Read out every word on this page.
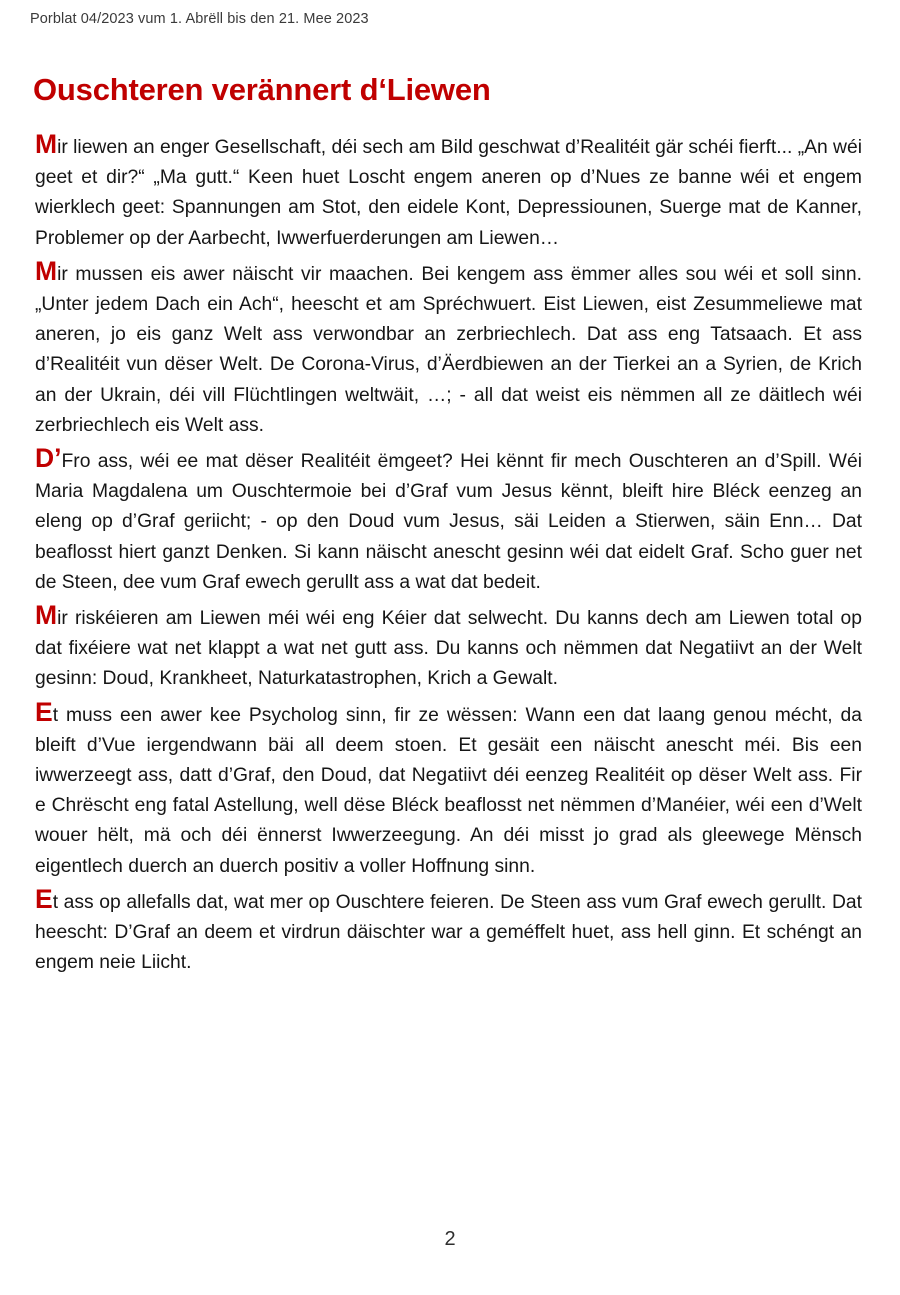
Porblat 04/2023 vum 1. Abrëll bis den 21. Mee 2023
Ouschteren verännert d‘Liewen

Mir liewen an enger Gesellschaft, déi sech am Bild geschwat d’Realitéit gär schéi fierft... „An wéi geet et dir?“ „Ma gutt.“ Keen huet Loscht engem aneren op d’Nues ze banne wéi et engem wierklech geet: Spannungen am Stot, den eidele Kont, Depressiounen, Suerge mat de Kanner, Problemer op der Aarbecht, Iwwerfuerderungen am Liewen…

Mir mussen eis awer näischt vir maachen. Bei kengem ass ëmmer alles sou wéi et soll sinn. „Unter jedem Dach ein Ach“, heescht et am Spréchwuert. Eist Liewen, eist Zesummeliewe mat aneren, jo eis ganz Welt ass verwondbar an zerbriechlech. Dat ass eng Tatsaach. Et ass d’Realitéit vun dëser Welt. De Corona-Virus, d’Äerdbiewen an der Tierkei an a Syrien, de Krich an der Ukrain, déi vill Flüchtlingen weltwäit, …; - all dat weist eis nëmmen all ze däitlech wéi zerbriechlech eis Welt ass.

D’Fro ass, wéi ee mat dëser Realitéit ëmgeet? Hei kënnt fir mech Ouschteren an d’Spill. Wéi Maria Magdalena um Ouschtermoie bei d’Graf vum Jesus kënnt, bleift hire Bléck eenzeg an eleng op d’Graf geriicht; - op den Doud vum Jesus, säi Leiden a Stierwen, säin Enn… Dat beaflosst hiert ganzt Denken. Si kann näischt anescht gesinn wéi dat eidelt Graf. Scho guer net de Steen, dee vum Graf ewech gerullt ass a wat dat bedeit.

Mir riskéieren am Liewen méi wéi eng Kéier dat selwecht. Du kanns dech am Liewen total op dat fixéiere wat net klappt a wat net gutt ass. Du kanns och nëmmen dat Negatiivt an der Welt gesinn: Doud, Krankheet, Naturkatastrophen, Krich a Gewalt.

Et muss een awer kee Psycholog sinn, fir ze wëssen: Wann een dat laang genou mécht, da bleift d’Vue iergendwann bäi all deem stoen. Et gesäit een näischt anescht méi. Bis een iwwerzeegt ass, datt d’Graf, den Doud, dat Negatiivt déi eenzeg Realitéit op dëser Welt ass. Fir e Chrëscht eng fatal Astellung, well dëse Bléck beaflosst net nëmmen d’Manéier, wéi een d’Welt wouer hëlt, mä och déi ënnerst Iwwerzeegung. An déi misst jo grad als gleewege Mënsch eigentlech duerch an duerch positiv a voller Hoffnung sinn.

Et ass op allefalls dat, wat mer op Ouschtere feieren. De Steen ass vum Graf ewech gerullt. Dat heescht: D’Graf an deem et virdrun däischter war a geméffelt huet, ass hell ginn. Et schéngt an engem neie Liicht.

2
